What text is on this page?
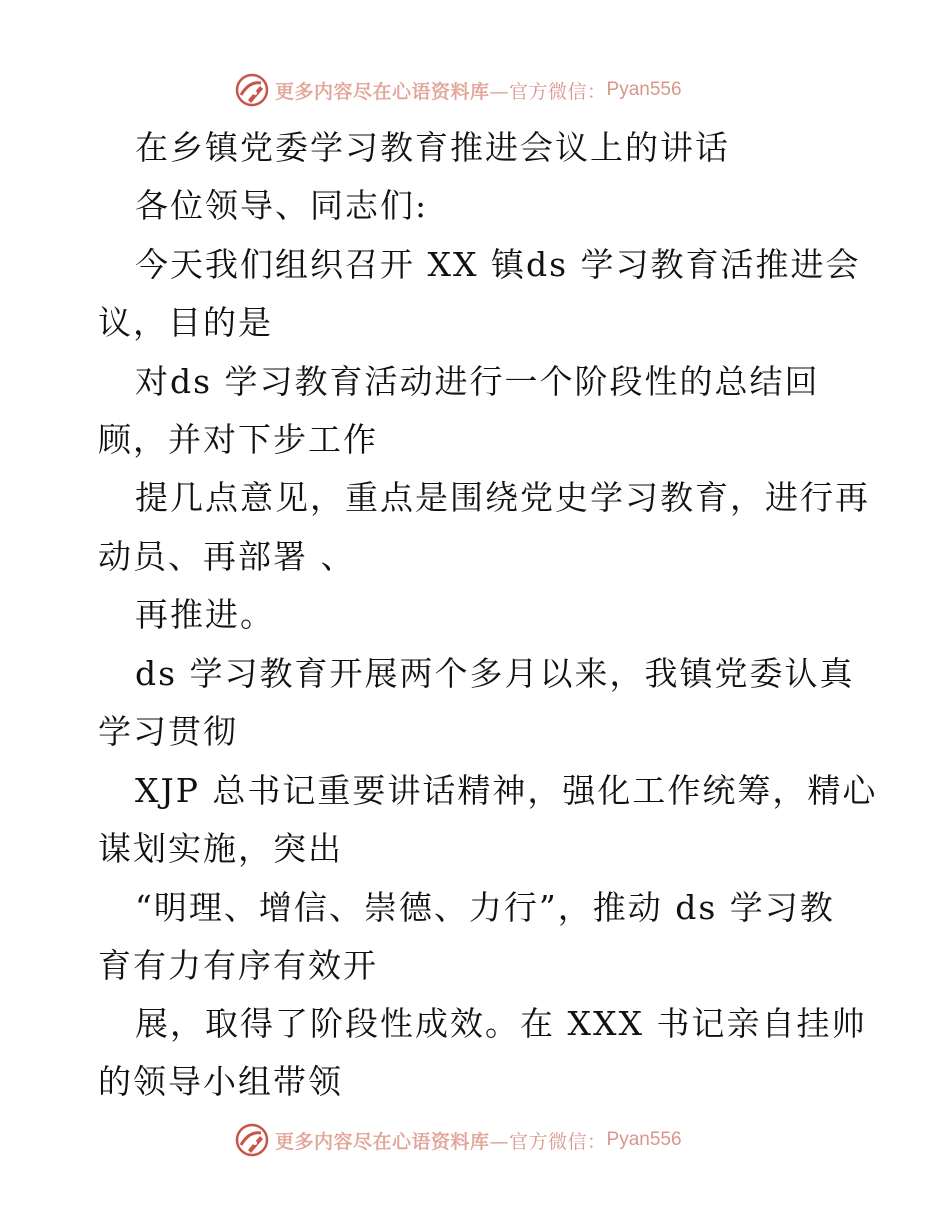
更多内容尽在心语资料库 —官方微信： Pyan556
在乡镇党委学习教育推进会议上的讲话
各位领导、同志们:
今天我们组织召开 XX 镇ds 学习教育活推进会
议，目的是
对ds 学习教育活动进行一个阶段性的总结回
顾，并对下步工作
提几点意见，重点是围绕党史学习教育，进行再
动员、再部署 、
再推进。
ds 学习教育开展两个多月以来，我镇党委认真
学习贯彻
XJP 总书记重要讲话精神，强化工作统筹，精心
谋划实施，突出
“明理、增信、崇德、力行”，推动 ds 学习教
育有力有序有效开
展，取得了阶段性成效。在 XXX 书记亲自挂帅
的领导小组带领
更多内容尽在心语资料库 —官方微信： Pyan556
